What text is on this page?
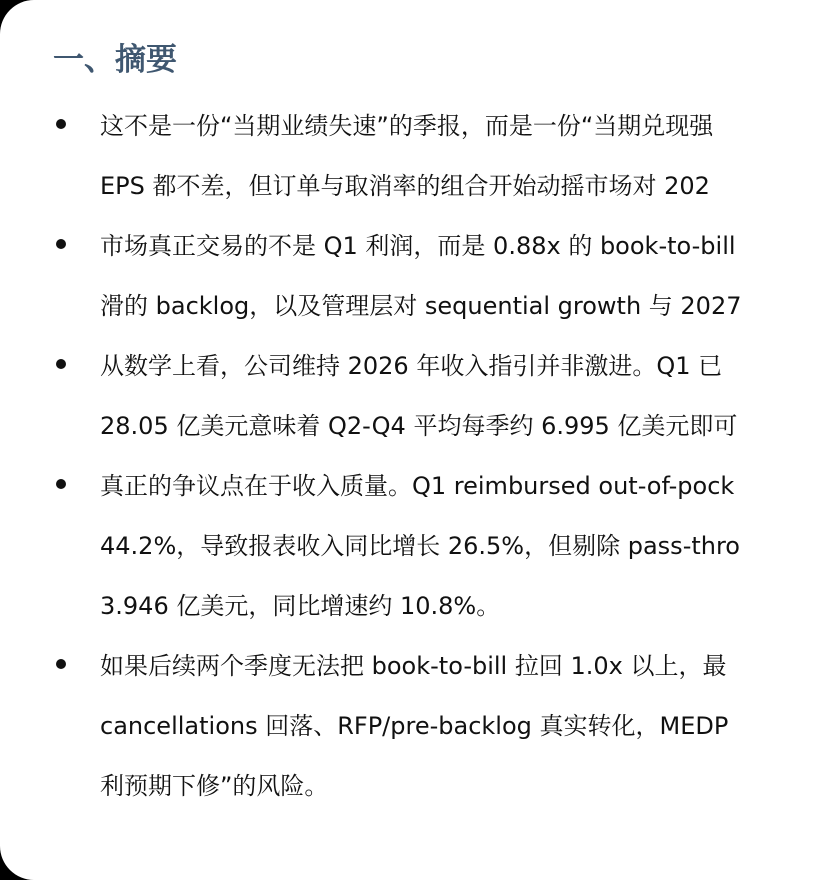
一、摘要
这不是一份“当期业绩失速”的季报，而是一份“当期兑现强
EPS 都不差，但订单与取消率的组合开始动摇市场对 202
市场真正交易的不是 Q1 利润，而是 0.88x 的 book-to-bill
滑的 backlog，以及管理层对 sequential growth 与 2027
从数学上看，公司维持 2026 年收入指引并非激进。Q1 已
28.05 亿美元意味着 Q2-Q4 平均每季约 6.995 亿美元即可
真正的争议点在于收入质量。Q1 reimbursed out-of-pock
44.2%，导致报表收入同比增长 26.5%，但剔除 pass-thro
3.946 亿美元，同比增速约 10.8%。
如果后续两个季度无法把 book-to-bill 拉回 1.0x 以上，最
cancellations 回落、RFP/pre-backlog 真实转化，MEDP
利预期下修”的风险。
